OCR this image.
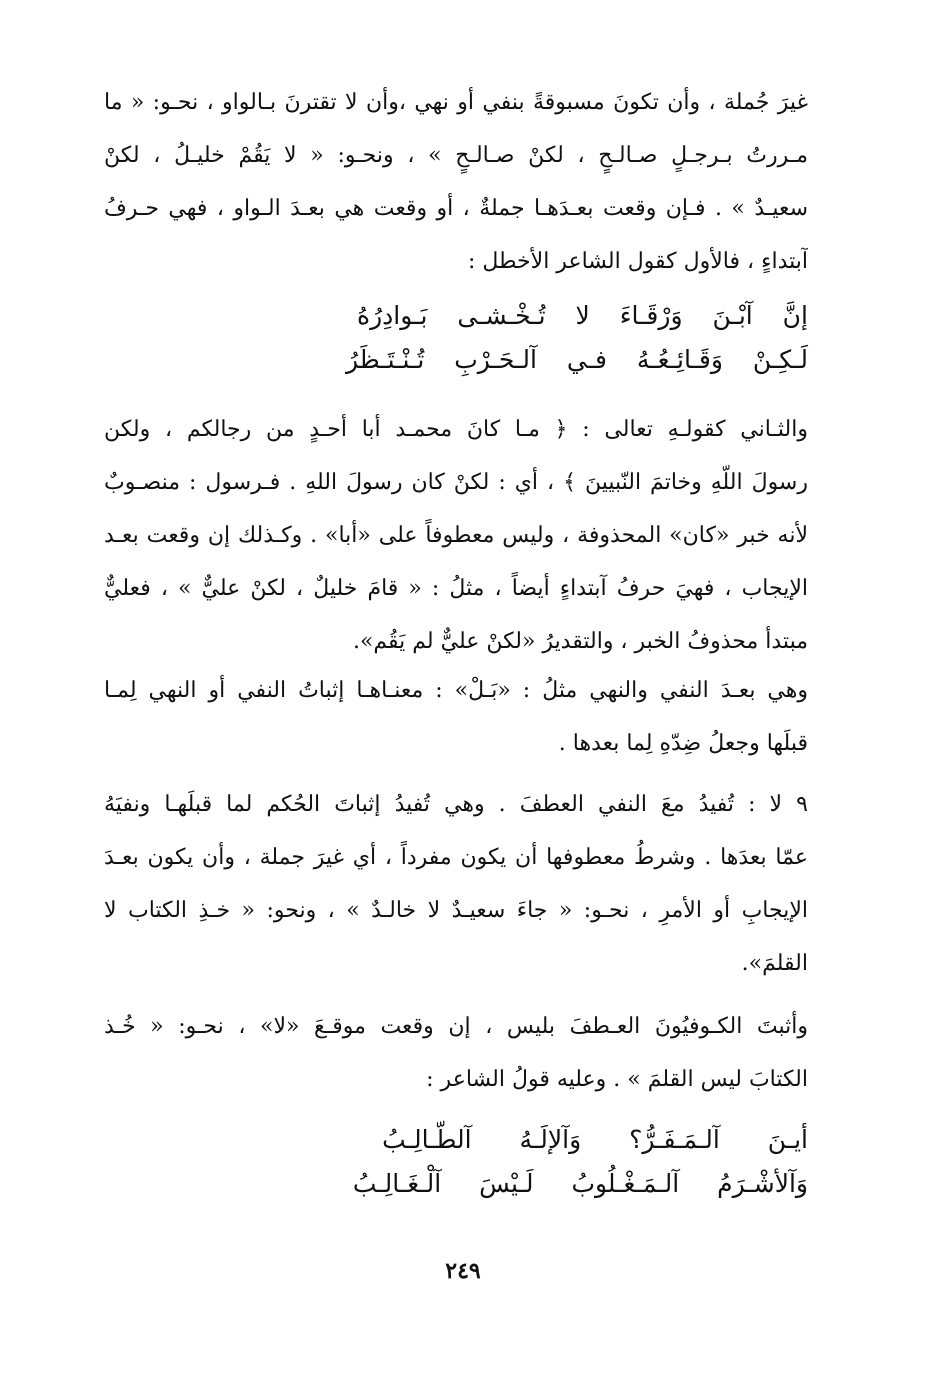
غيرَ جُملة ، وأن تكونَ مسبوقةً بنفي أو نهي ،وأن لا تقترنَ بـالواو ، نحـو: « ما
مـررتُ بـرجـلٍ صـالـحٍ ، لكنْ صـالـحٍ » ، ونحـو: « لا يَقُمْ خليـلُ ، لكنْ
سعيـدٌ » . فـإن وقعت بعـدَهـا جملةٌ ، أو وقعت هي بعـدَ الـواو ، فهي حـرفُ
آبتداءٍ ، فالأول كقول الشاعر الأخطل :
إنَّ آبْـنَ وَرْقَـاءَ لا تُـخْـشـى بَـوادِرُهُ
لَـكِـنْ وَقَـائِـعُـهُ فـي آلـحَـرْبِ تُـنْـتَـظَرُ
والثـاني كقولـهِ تعالى : ﴿ مـا كانَ محمـد أبا أحـدٍ من رجالكم ، ولكن
رسولَ اللّهِ وخاتمَ النّبيينَ ﴾ ، أي : لكنْ كان رسولَ اللهِ . فـرسول : منصـوبٌ
لأنه خبر «كان» المحذوفة ، وليس معطوفاً على «أبا» . وكـذلك إن وقعت بعـد
الإيجاب ، فهيَ حرفُ آبتداءٍ أيضاً ، مثلُ : « قامَ خليلٌ ، لكنْ عليٌّ » ، فعليٌّ
مبتدأ محذوفُ الخبر ، والتقديرُ «لكنْ عليٌّ لم يَقُم».
وهي بعـدَ النفي والنهي مثلُ : «بَـلْ» : معنـاهـا إثباتُ النفي أو النهي لِمـا
قبلَها وجعلُ ضِدّهِ لِما بعدها .
٩ لا : تُفيدُ معَ النفي العطفَ . وهي تُفيدُ إثباتَ الحُكم لما قبلَهـا ونفيَهُ
عمّا بعدَها . وشرطُ معطوفها أن يكون مفرداً ، أي غيرَ جملة ، وأن يكون بعـدَ
الإيجابِ أو الأمرِ ، نحـو: « جاءَ سعيـدٌ لا خالـدٌ » ، ونحو: « خـذِ الكتاب لا
القلمَ».
وأثبتَ الكـوفيُونَ العـطفَ بليس ، إن وقعت موقـعَ «لا» ، نحـو: « خُـذ
الكتابَ ليس القلمَ » . وعليه قولُ الشاعر :
أيـنَ آلـمَـفَـرُّ؟ وَآلإلَـهُ آلطّـالِـبُ
وَآلأشْـرَمُ آلـمَـغْـلُوبُ لَـيْسَ آلْـغَـالِـبُ
٢٤٩
